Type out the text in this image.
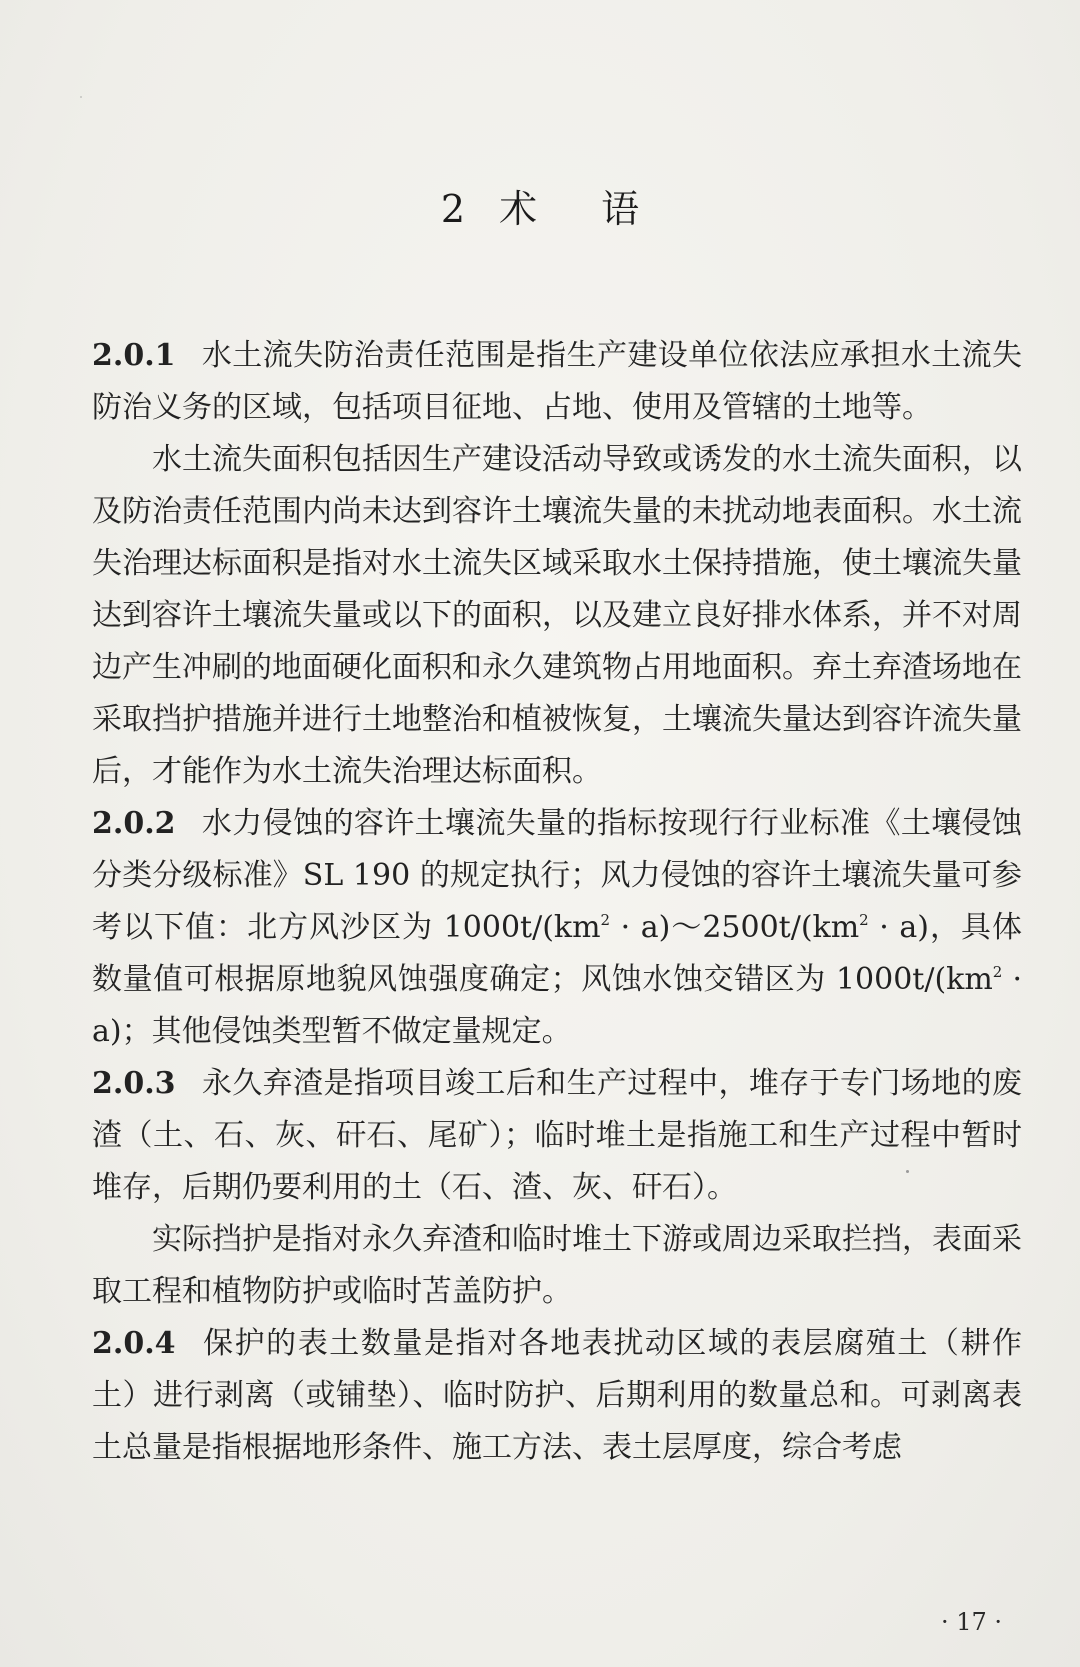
2 术 语

2.0.1 水土流失防治责任范围是指生产建设单位依法应承担水土流失防治义务的区域，包括项目征地、占地、使用及管辖的土地等。

水土流失面积包括因生产建设活动导致或诱发的水土流失面积，以及防治责任范围内尚未达到容许土壤流失量的未扰动地表面积。水土流失治理达标面积是指对水土流失区域采取水土保持措施，使土壤流失量达到容许土壤流失量或以下的面积，以及建立良好排水体系，并不对周边产生冲刷的地面硬化面积和永久建筑物占用地面积。弃土弃渣场地在采取挡护措施并进行土地整治和植被恢复，土壤流失量达到容许流失量后，才能作为水土流失治理达标面积。

2.0.2 水力侵蚀的容许土壤流失量的指标按现行行业标准《土壤侵蚀分类分级标准》SL 190 的规定执行；风力侵蚀的容许土壤流失量可参考以下值：北方风沙区为 $1000t/(km^2$ · $a)\sim 2500t/(km^2 \cdot a)$，具体数量值可根据原地貌风蚀强度确定；风蚀水蚀交错区为 $1000t/(km^2 \cdot a)$；其他侵蚀类型暂不做定量规定。

2.0.3 永久弃渣是指项目竣工后和生产过程中，堆存于专门场地的废渣（土、石、灰、矸石、尾矿）；临时堆土是指施工和生产过程中暂时堆存，后期仍要利用的土（石、渣、灰、矸石）。

实际挡护是指对永久弃渣和临时堆土下游或周边采取拦挡，表面采取工程和植物防护或临时苫盖防护。

2.0.4 保护的表土数量是指对各地表扰动区域的表层腐殖土（耕作土）进行剥离（或铺垫）、临时防护、后期利用的数量总和。可剥离表土总量是指根据地形条件、施工方法、表土层厚度，综合考虑

· 17 ·
